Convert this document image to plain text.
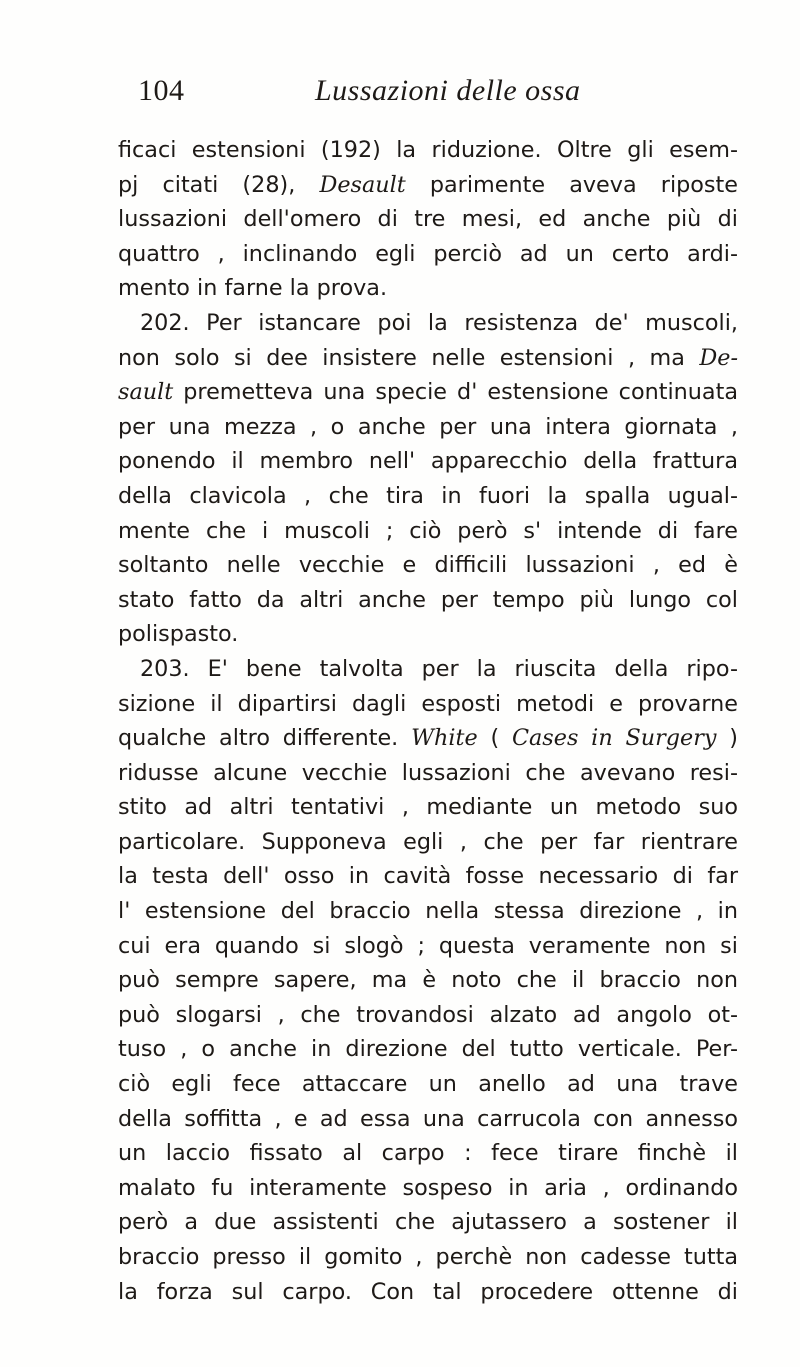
104	Lussazioni delle ossa
ficaci estensioni (192) la riduzione. Oltre gli esem-
pj citati (28), Desault parimente aveva riposte
lussazioni dell'omero di tre mesi, ed anche più di
quattro , inclinando egli perciò ad un certo ardi-
mento in farne la prova.
202. Per istancare poi la resistenza de' muscoli,
non solo si dee insistere nelle estensioni , ma De-
sault premetteva una specie d' estensione continuata
per una mezza , o anche per una intera giornata ,
ponendo il membro nell' apparecchio della frattura
della clavicola , che tira in fuori la spalla ugual-
mente che i muscoli ; ciò però s' intende di fare
soltanto nelle vecchie e difficili lussazioni , ed è
stato fatto da altri anche per tempo più lungo col
polispasto.
203. E' bene talvolta per la riuscita della ripo-
sizione il dipartirsi dagli esposti metodi e provarne
qualche altro differente. White ( Cases in Surgery )
ridusse alcune vecchie lussazioni che avevano resi-
stito ad altri tentativi , mediante un metodo suo
particolare. Supponeva egli , che per far rientrare
la testa dell' osso in cavità fosse necessario di far
l' estensione del braccio nella stessa direzione , in
cui era quando si slogò ; questa veramente non si
può sempre sapere, ma è noto che il braccio non
può slogarsi , che trovandosi alzato ad angolo ot-
tuso , o anche in direzione del tutto verticale. Per-
ciò egli fece attaccare un anello ad una trave
della soffitta , e ad essa una carrucola con annesso
un laccio fissato al carpo : fece tirare finchè il
malato fu interamente sospeso in aria , ordinando
però a due assistenti che ajutassero a sostener il
braccio presso il gomito , perchè non cadesse tutta
la forza sul carpo. Con tal procedere ottenne di
